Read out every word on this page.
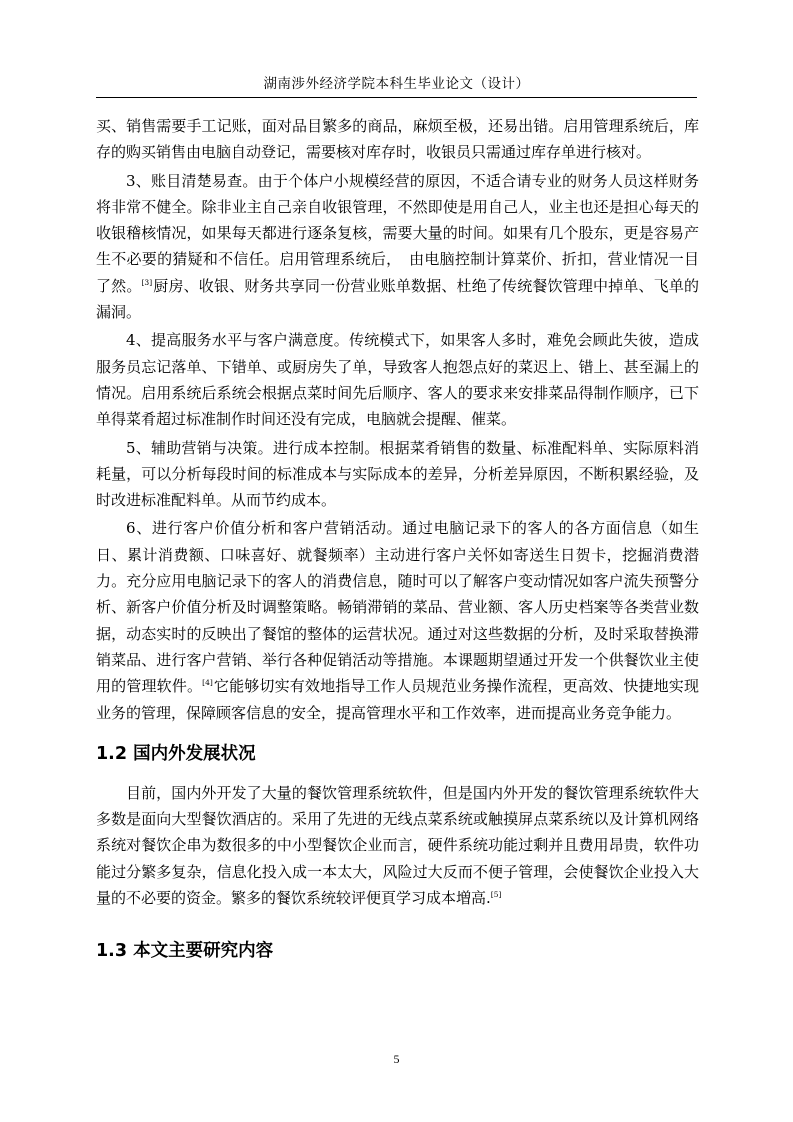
湖南涉外经济学院本科生毕业论文（设计）

买、销售需要手工记账，面对品目繁多的商品，麻烦至极，还易出错。启用管理系统后，库存的购买销售由电脑自动登记，需要核对库存时，收银员只需通过库存单进行核对。

3、账目清楚易查。由于个体户小规模经营的原因，不适合请专业的财务人员这样财务将非常不健全。除非业主自己亲自收银管理，不然即使是用自己人，业主也还是担心每天的收银稽核情况，如果每天都进行逐条复核，需要大量的时间。如果有几个股东，更是容易产生不必要的猜疑和不信任。启用管理系统后，　由电脑控制计算菜价、折扣，营业情况一目了然。[3]厨房、收银、财务共享同一份营业账单数据、杜绝了传统餐饮管理中掉单、飞单的漏洞。

4、提高服务水平与客户满意度。传统模式下，如果客人多时，难免会顾此失彼，造成服务员忘记落单、下错单、或厨房失了单，导致客人抱怨点好的菜迟上、错上、甚至漏上的情况。启用系统后系统会根据点菜时间先后顺序、客人的要求来安排菜品得制作顺序，已下单得菜肴超过标准制作时间还没有完成，电脑就会提醒、催菜。

5、辅助营销与决策。进行成本控制。根据菜肴销售的数量、标准配料单、实际原料消耗量，可以分析每段时间的标准成本与实际成本的差异，分析差异原因，不断积累经验，及时改进标准配料单。从而节约成本。

6、进行客户价值分析和客户营销活动。通过电脑记录下的客人的各方面信息（如生日、累计消费额、口味喜好、就餐频率）主动进行客户关怀如寄送生日贺卡，挖掘消费潜力。充分应用电脑记录下的客人的消费信息，随时可以了解客户变动情况如客户流失预警分析、新客户价值分析及时调整策略。畅销滞销的菜品、营业额、客人历史档案等各类营业数据，动态实时的反映出了餐馆的整体的运营状况。通过对这些数据的分析，及时采取替换滞销菜品、进行客户营销、举行各种促销活动等措施。本课题期望通过开发一个供餐饮业主使用的管理软件。[4]它能够切实有效地指导工作人员规范业务操作流程，更高效、快捷地实现业务的管理，保障顾客信息的安全，提高管理水平和工作效率，进而提高业务竞争能力。

1.2 国内外发展状况

目前，国内外开发了大量的餐饮管理系统软件，但是国内外开发的餐饮管理系统软件大多数是面向大型餐饮酒店的。采用了先进的无线点菜系统或触摸屏点菜系统以及计算机网络系统对餐饮企串为数很多的中小型餐饮企业而言，硬件系统功能过剩并且费用昂贵，软件功能过分繁多复杂，信息化投入成一本太大，风险过大反而不便子管理，会使餐饮企业投入大量的不必要的资金。繁多的餐饮系统较评便頁学习成本増高.[5]

1.3 本文主要研究内容
5
